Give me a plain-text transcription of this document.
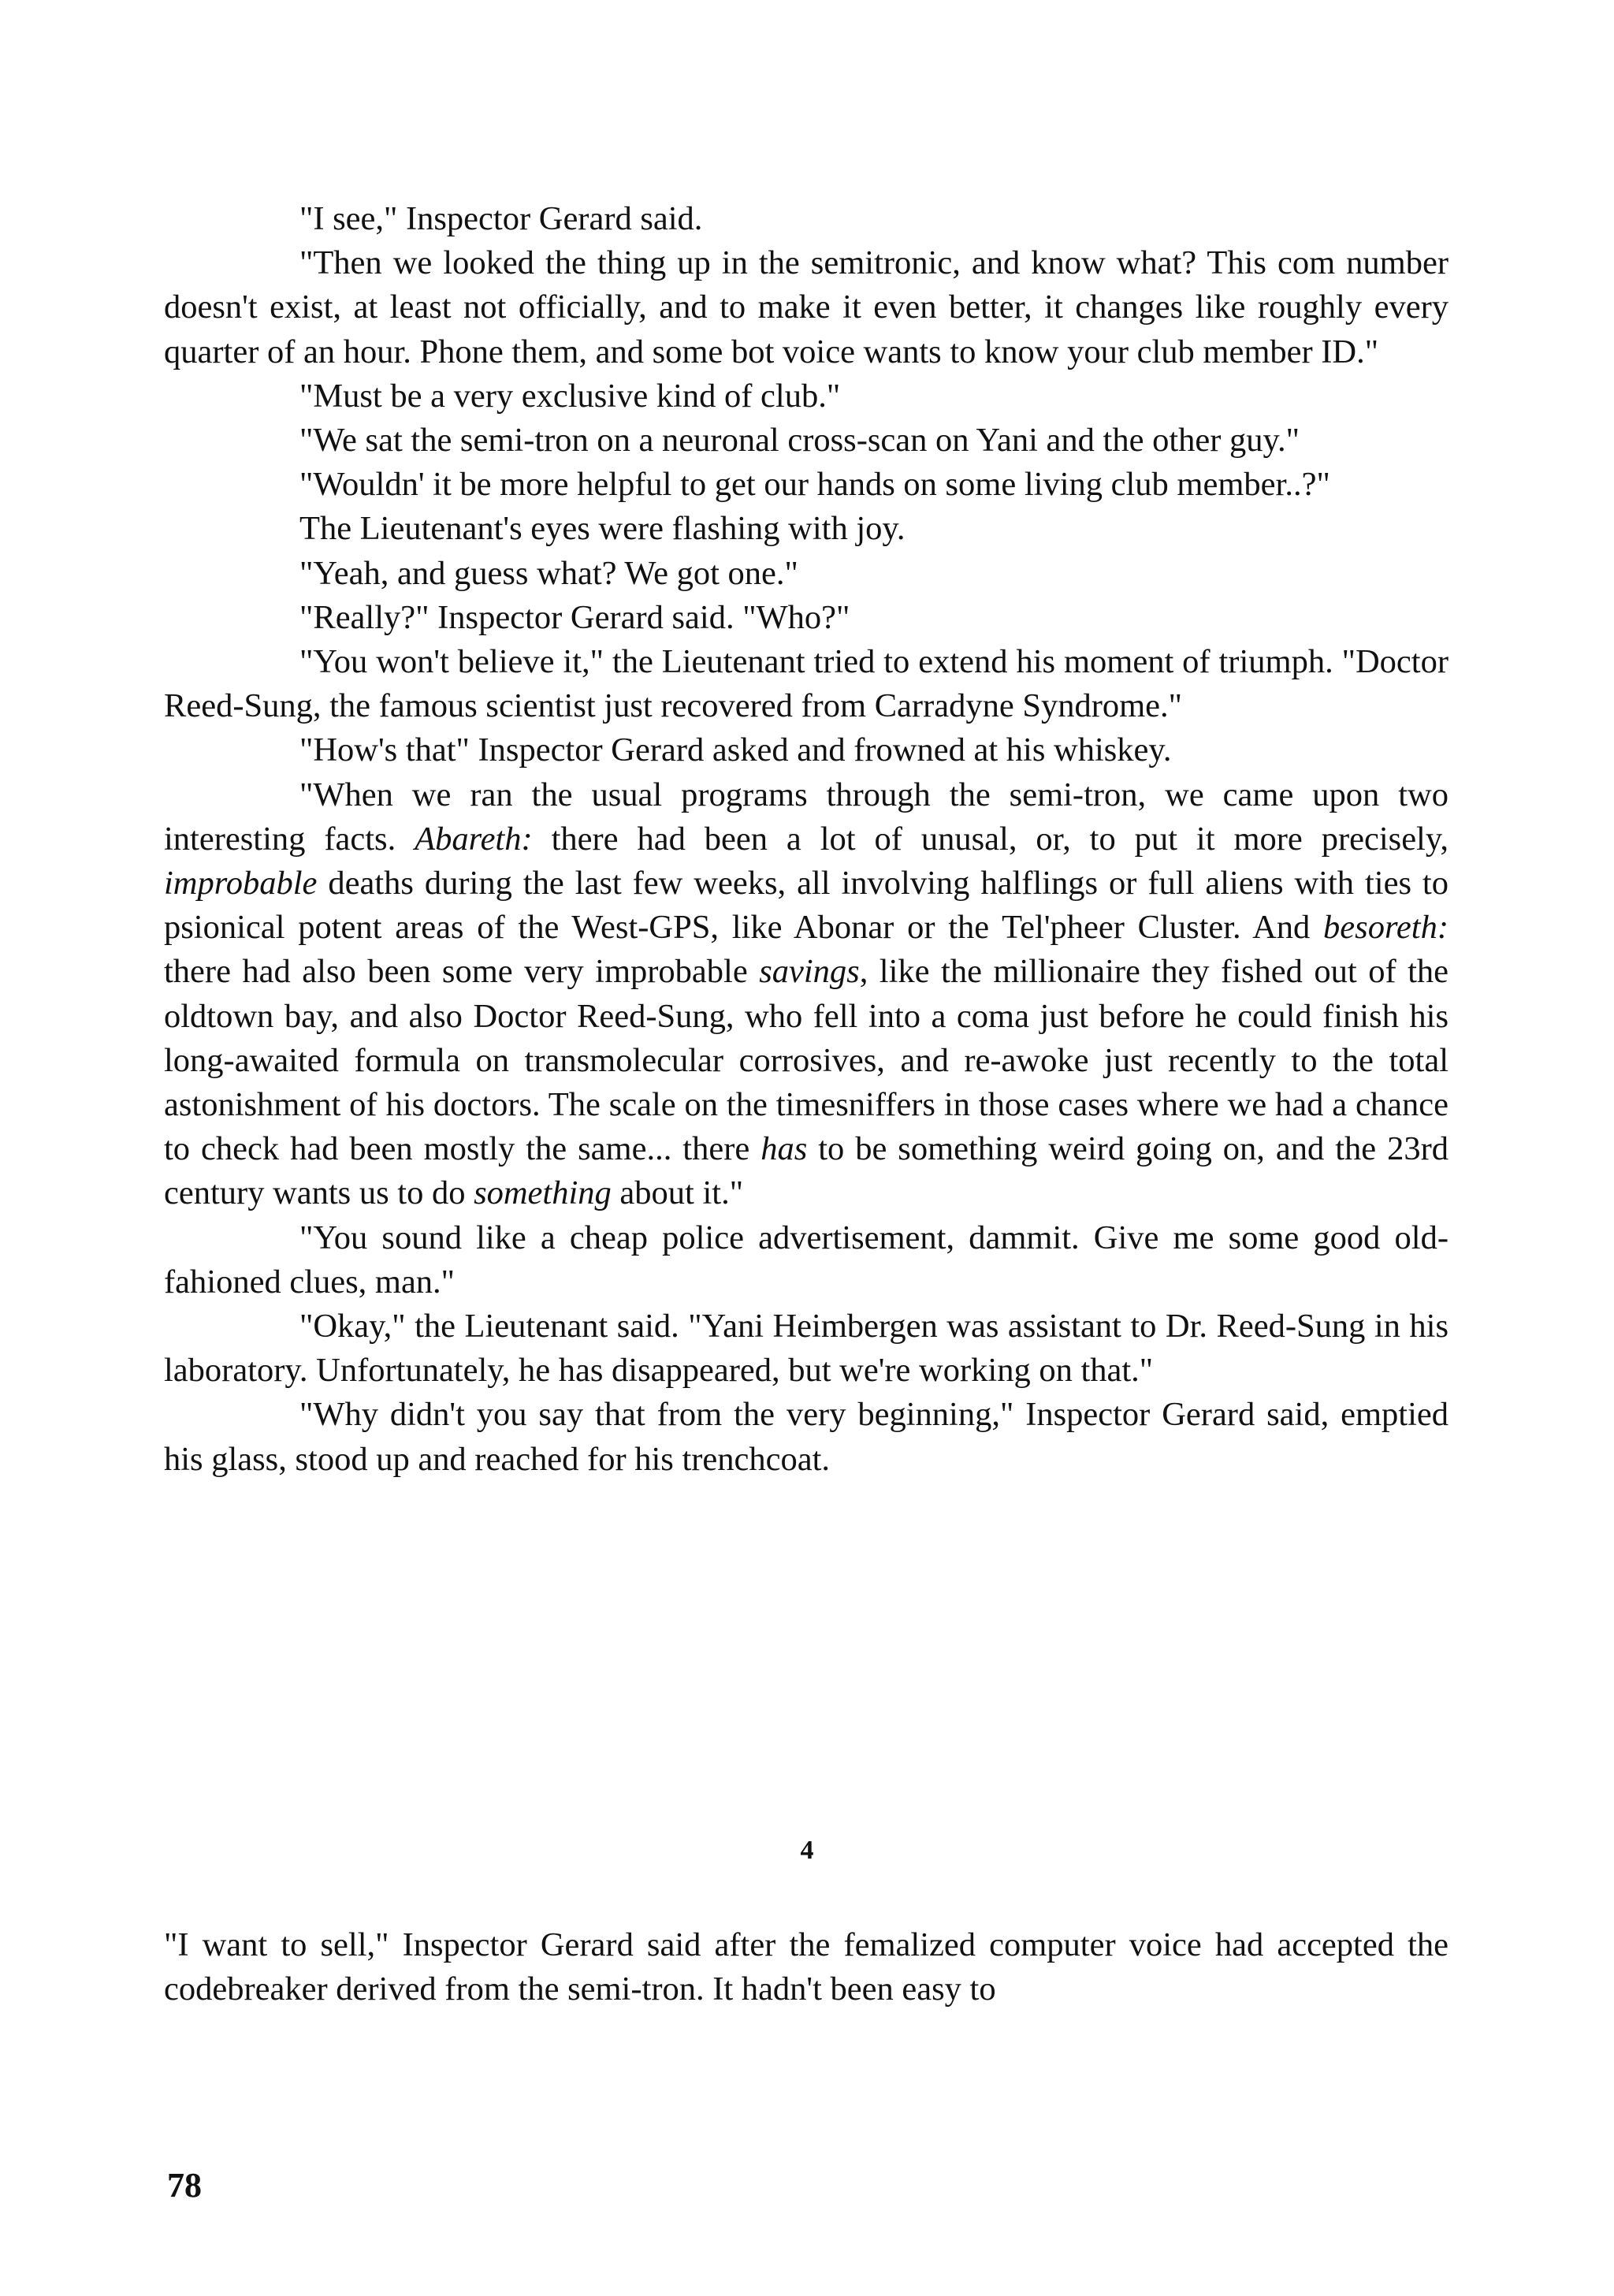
"I see," Inspector Gerard said.

"Then we looked the thing up in the semitronic, and know what? This com number doesn't exist, at least not officially, and to make it even better, it changes like roughly every quarter of an hour. Phone them, and some bot voice wants to know your club member ID."

"Must be a very exclusive kind of club."

"We sat the semi-tron on a neuronal cross-scan on Yani and the other guy."

"Wouldn' it be more helpful to get our hands on some living club member..?"

The Lieutenant's eyes were flashing with joy.

"Yeah, and guess what? We got one."

"Really?" Inspector Gerard said. "Who?"

"You won't believe it," the Lieutenant tried to extend his moment of triumph. "Doctor Reed-Sung, the famous scientist just recovered from Carradyne Syndrome."

"How's that" Inspector Gerard asked and frowned at his whiskey.

"When we ran the usual programs through the semi-tron, we came upon two interesting facts. Abareth: there had been a lot of unusal, or, to put it more precisely, improbable deaths during the last few weeks, all involving halflings or full aliens with ties to psionical potent areas of the West-GPS, like Abonar or the Tel'pheer Cluster. And besoreth: there had also been some very improbable savings, like the millionaire they fished out of the oldtown bay, and also Doctor Reed-Sung, who fell into a coma just before he could finish his long-awaited formula on transmolecular corrosives, and re-awoke just recently to the total astonishment of his doctors. The scale on the timesniffers in those cases where we had a chance to check had been mostly the same... there has to be something weird going on, and the 23rd century wants us to do something about it."

"You sound like a cheap police advertisement, dammit. Give me some good old-fahioned clues, man."

"Okay," the Lieutenant said. "Yani Heimbergen was assistant to Dr. Reed-Sung in his laboratory. Unfortunately, he has disappeared, but we're working on that."

"Why didn't you say that from the very beginning," Inspector Gerard said, emptied his glass, stood up and reached for his trenchcoat.

4

"I want to sell," Inspector Gerard said after the femalized computer voice had accepted the codebreaker derived from the semi-tron. It hadn't been easy to

78
